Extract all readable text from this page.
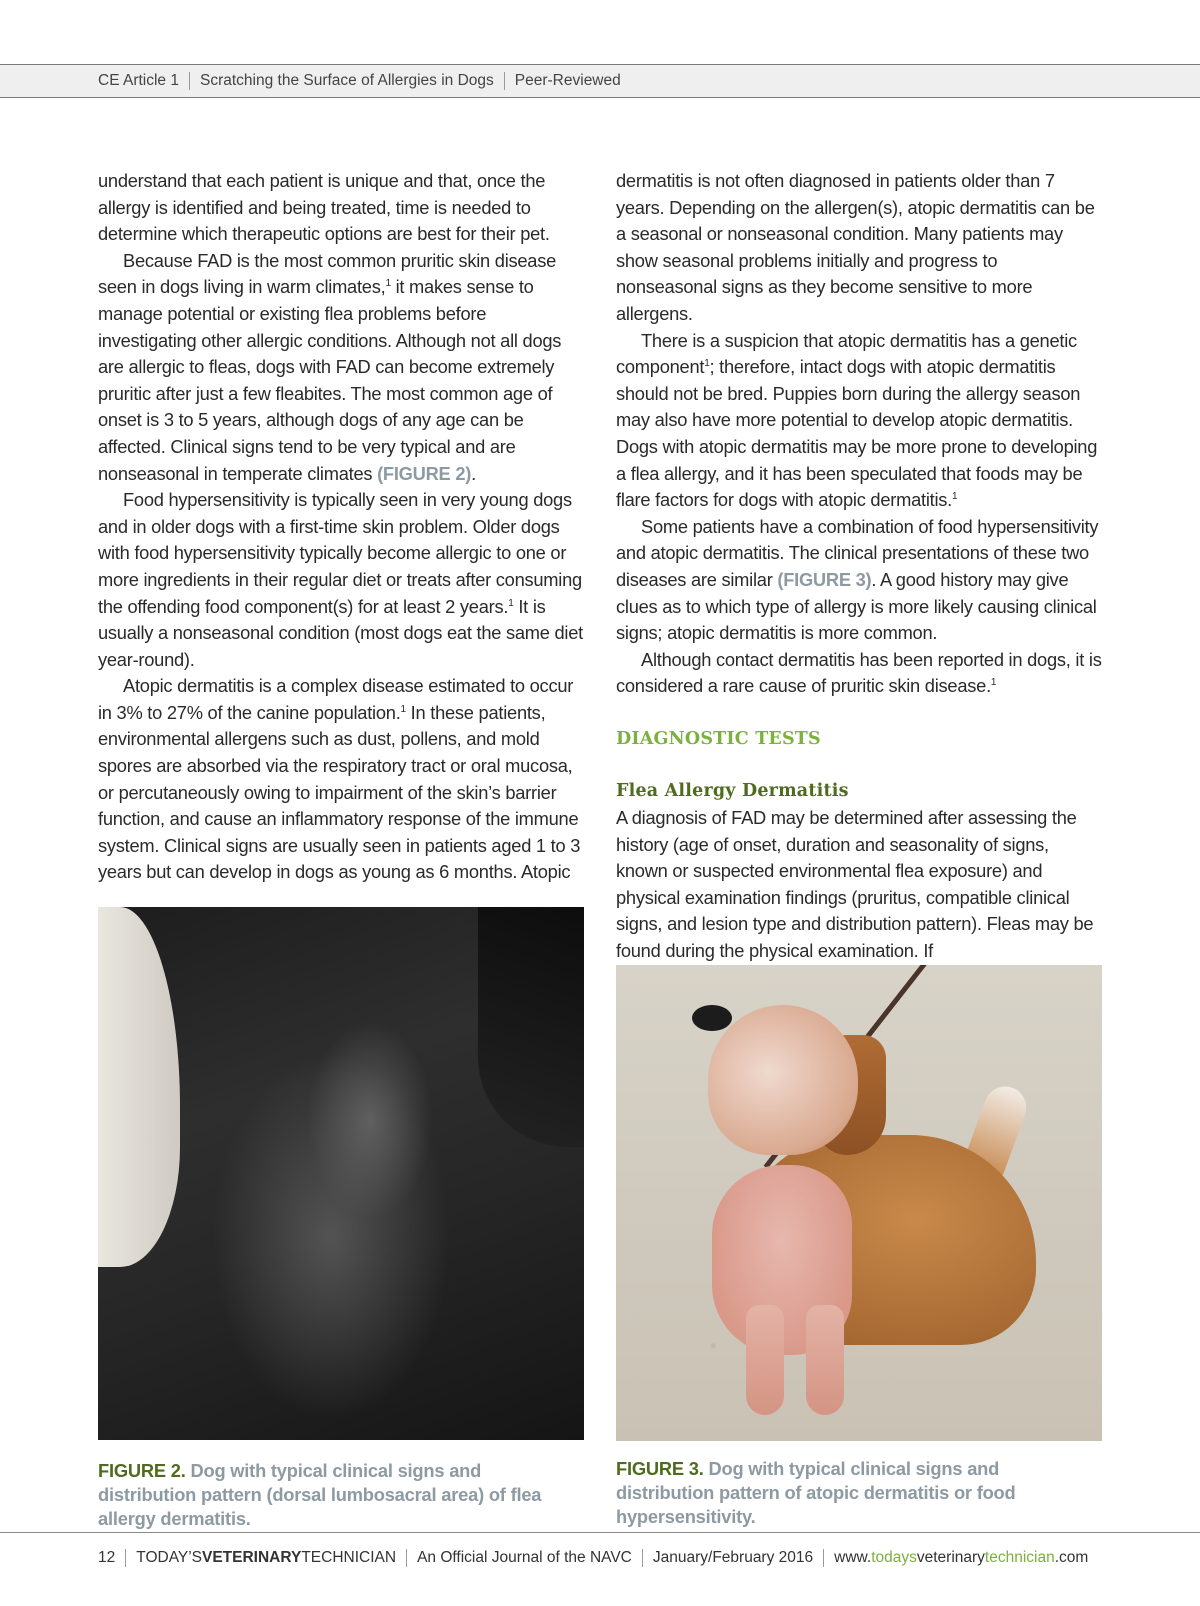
CE Article 1 Scratching the Surface of Allergies in Dogs Peer-Reviewed

understand that each patient is unique and that, once the allergy is identified and being treated, time is needed to determine which therapeutic options are best for their pet.

Because FAD is the most common pruritic skin disease seen in dogs living in warm climates,$^1$ it makes sense to manage potential or existing flea problems before investigating other allergic conditions. Although not all dogs are allergic to fleas, dogs with FAD can become extremely pruritic after just a few fleabites. The most common age of onset is 3 to 5 years, although dogs of any age can be affected. Clinical signs tend to be very typical and are nonseasonal in temperate climates (FIGURE 2).

Food hypersensitivity is typically seen in very young dogs and in older dogs with a first-time skin problem. Older dogs with food hypersensitivity typically become allergic to one or more ingredients in their regular diet or treats after consuming the offending food component(s) for at least 2 years.$^1$ It is usually a nonseasonal condition (most dogs eat the same diet year-round).

Atopic dermatitis is a complex disease estimated to occur in 3% to 27% of the canine population.$^1$ In these patients, environmental allergens such as dust, pollens, and mold spores are absorbed via the respiratory tract or oral mucosa, or percutaneously owing to impairment of the skin’s barrier function, and cause an inflammatory response of the immune system. Clinical signs are usually seen in patients aged 1 to 3 years but can develop in dogs as young as 6 months. Atopic

dermatitis is not often diagnosed in patients older than 7 years. Depending on the allergen(s), atopic dermatitis can be a seasonal or nonseasonal condition. Many patients may show seasonal problems initially and progress to nonseasonal signs as they become sensitive to more allergens.

There is a suspicion that atopic dermatitis has a genetic component$^1$; therefore, intact dogs with atopic dermatitis should not be bred. Puppies born during the allergy season may also have more potential to develop atopic dermatitis. Dogs with atopic dermatitis may be more prone to developing a flea allergy, and it has been speculated that foods may be flare factors for dogs with atopic dermatitis.$^1$

Some patients have a combination of food hypersensitivity and atopic dermatitis. The clinical presentations of these two diseases are similar (FIGURE 3). A good history may give clues as to which type of allergy is more likely causing clinical signs; atopic dermatitis is more common.

Although contact dermatitis has been reported in dogs, it is considered a rare cause of pruritic skin disease.$^1$

DIAGNOSTIC TESTS
Flea Allergy Dermatitis

A diagnosis of FAD may be determined after assessing the history (age of onset, duration and seasonality of signs, known or suspected environmental flea exposure) and physical examination findings (pruritus, compatible clinical signs, and lesion type and distribution pattern). Fleas may be found during the physical examination. If

FIGURE 2. Dog with typical clinical signs and distribution pattern (dorsal lumbosacral area) of flea allergy dermatitis.
FIGURE 3. Dog with typical clinical signs and distribution pattern of atopic dermatitis or food hypersensitivity.
12 TODAY’SVETERINARYTECHNICIAN An Official Journal of the NAVC January/February 2016 www.todaysveterinarytechnician.com
